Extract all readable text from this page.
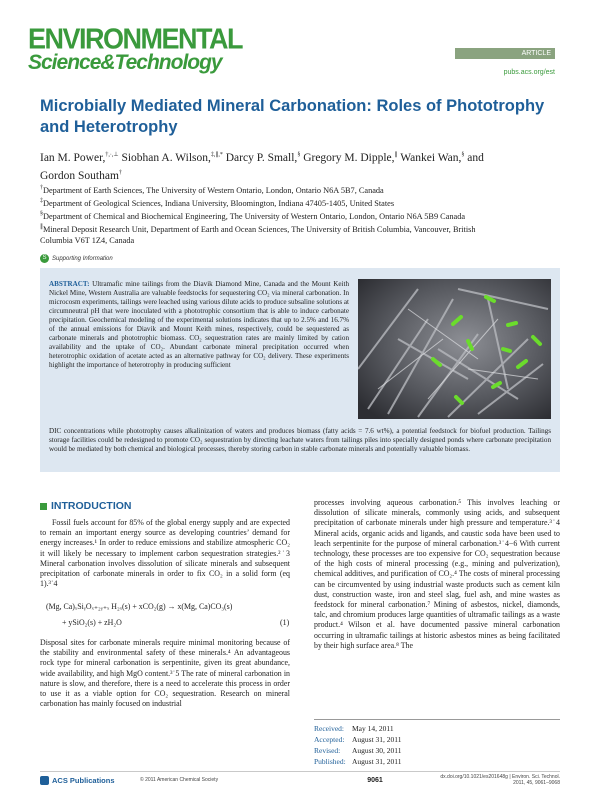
ENVIRONMENTAL
Science&Technology	ARTICLE
pubs.acs.org/est
Microbially Mediated Mineral Carbonation: Roles of Phototrophy and Heterotrophy
Ian M. Power,†,·,⊥ Siobhan A. Wilson,‡,∥,* Darcy P. Small,§ Gregory M. Dipple,∥ Wankei Wan,§ and
Gordon Southam†
†Department of Earth Sciences, The University of Western Ontario, London, Ontario N6A 5B7, Canada
‡Department of Geological Sciences, Indiana University, Bloomington, Indiana 47405-1405, United States
§Department of Chemical and Biochemical Engineering, The University of Western Ontario, London, Ontario N6A 5B9 Canada
∥Mineral Deposit Research Unit, Department of Earth and Ocean Sciences, The University of British Columbia, Vancouver, British Columbia V6T 1Z4, Canada
S Supporting Information
ABSTRACT: Ultramafic mine tailings from the Diavik Diamond Mine, Canada and the Mount Keith Nickel Mine, Western Australia are valuable feedstocks for sequestering CO₂ via mineral carbonation. In microcosm experiments, tailings were leached using various dilute acids to produce subsaline solutions at circumneutral pH that were inoculated with a phototrophic consortium that is able to induce carbonate precipitation. Geochemical modeling of the experimental solutions indicates that up to 2.5% and 16.7% of the annual emissions for Diavik and Mount Keith mines, respectively, could be sequestered as carbonate minerals and phototrophic biomass. CO₂ sequestration rates are mainly limited by cation availability and the uptake of CO₂. Abundant carbonate mineral precipitation occurred when heterotrophic oxidation of acetate acted as an alternative pathway for CO₂ delivery. These experiments highlight the importance of heterotrophy in producing sufficient
DIC concentrations while phototrophy causes alkalinization of waters and produces biomass (fatty acids = 7.6 wt%), a potential feedstock for biofuel production. Tailings storage facilities could be redesigned to promote CO₂ sequestration by directing leachate waters from tailings piles into specially designed ponds where carbonate precipitation would be mediated by both chemical and biological processes, thereby storing carbon in stable carbonate minerals and potentially valuable biomass.
INTRODUCTION
Fossil fuels account for 85% of the global energy supply and are expected to remain an important energy source as developing countries’ demand for energy increases.¹ In order to reduce emissions and stabilize atmospheric CO₂ it will likely be necessary to implement carbon sequestration strategies.²˙3 Mineral carbonation involves dissolution of silicate minerals and subsequent precipitation of carbonate minerals in order to fix CO₂ in a solid form (eq 1).³˙4
(Mg, Ca)ₓSiᵧOₓ₊₂ᵧ₊ₓ H₂ₓ(s) + xCO₂(g) → x(Mg, Ca)CO₃(s)
+ ySiO₂(s) + zH₂O	(1)
Disposal sites for carbonate minerals require minimal monitoring because of the stability and environmental safety of these minerals.⁴ An advantageous rock type for mineral carbonation is serpentinite, given its great abundance, wide availability, and high MgO content.³˙5 The rate of mineral carbonation in nature is slow, and therefore, there is a need to accelerate this process in order to use it as a viable option for CO₂ sequestration. Research on mineral carbonation has mainly focused on industrial
processes involving aqueous carbonation.⁵ This involves leaching or dissolution of silicate minerals, commonly using acids, and subsequent precipitation of carbonate minerals under high pressure and temperature.³˙4 Mineral acids, organic acids and ligands, and caustic soda have been used to leach serpentinite for the purpose of mineral carbonation.³˙4−6 With current technology, these processes are too expensive for CO₂ sequestration because of the high costs of mineral processing (e.g., mining and pulverization), chemical additives, and purification of CO₂.⁴ The costs of mineral processing can be circumvented by using industrial waste products such as cement kiln dust, construction waste, iron and steel slag, fuel ash, and mine wastes as feedstock for mineral carbonation.⁷ Mining of asbestos, nickel, diamonds, talc, and chromium produces large quantities of ultramafic tailings as a waste product.⁴ Wilson et al. have documented passive mineral carbonation occurring in ultramafic tailings at historic asbestos mines as being facilitated by their high surface area.⁸ The
Received:	May 14, 2011
Accepted:	August 31, 2011
Revised:	August 30, 2011
Published: August 31, 2011
ACS Publications	© 2011 American Chemical Society	9061	dx.doi.org/10.1021/es201648g | Environ. Sci. Technol. 2011, 45, 9061–9068
